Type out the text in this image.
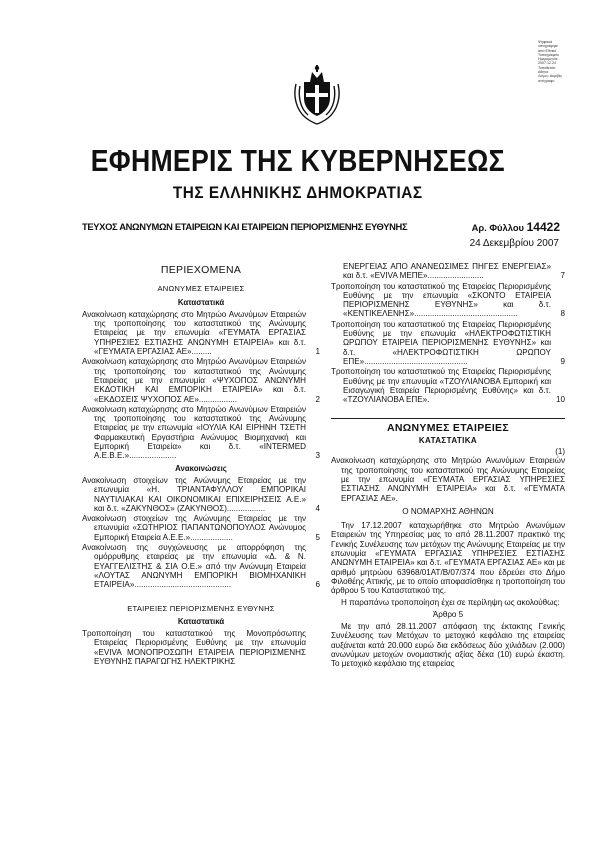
Ψηφιακά
υπογράφηκε
από Εθνικό
Τυπογραφείο
Ημερομηνία:
2007.12.24
Τοποθεσία:
Αθήνα
Λόγος: Ακριβές
αντίγραφο
ΕΦΗΜΕΡΙΣ ΤΗΣ ΚΥΒΕΡΝΗΣΕΩΣ
ΤΗΣ ΕΛΛΗΝΙΚΗΣ ΔΗΜΟΚΡΑΤΙΑΣ
ΤΕΥΧΟΣ ΑΝΩΝΥΜΩΝ ΕΤΑΙΡΕΙΩΝ ΚΑΙ ΕΤΑΙΡΕΙΩΝ ΠΕΡΙΟΡΙΣΜΕΝΗΣ ΕΥΘΥΝΗΣ	Αρ. Φύλλου 14422
24 Δεκεμβρίου 2007
ΠΕΡΙΕΧΟΜΕΝΑ
ΑΝΩΝΥΜΕΣ ΕΤΑΙΡΕΙΕΣ
Καταστατικά
Ανακοίνωση καταχώρησης στο Μητρώο Ανωνύμων Εταιρειών της τροποποίησης του καταστατικού της Ανώνυμης Εταιρείας με την επωνυμία «ΓΕΥΜΑΤΑ ΕΡΓΑΣΙΑΣ ΥΠΗΡΕΣΙΕΣ ΕΣΤΙΑΣΗΣ ΑΝΩΝΥΜΗ ΕΤΑΙΡΕΙΑ» και δ.τ. «ΓΕΥΜΑΤΑ ΕΡΓΑΣΙΑΣ ΑΕ».........	1
Ανακοίνωση καταχώρησης στο Μητρώο Ανωνύμων Εταιρειών της τροποποίησης του καταστατικού της Ανώνυμης Εταιρείας με την επωνυμία «ΨΥΧΟΠΟΣ ΑΝΩΝΥΜΗ ΕΚΔΟΤΙΚΗ ΚΑΙ ΕΜΠΟΡΙΚΗ ΕΤΑΙΡΕΙΑ» και δ.τ. «ΕΚΔΟΣΕΙΣ ΨΥΧΟΠΟΣ ΑΕ».................	2
Ανακοίνωση καταχώρησης στο Μητρώο Ανωνύμων Εταιρειών της τροποποίησης του καταστατικού της Ανώνυμης Εταιρείας με την επωνυμία «ΙΟΥΛΙΑ ΚΑΙ ΕΙΡΗΝΗ ΤΣΕΤΗ Φαρμακευτική Εργαστήρια Ανώνυμος Βιομηχανική και Εμπορική Εταιρεία» και δ.τ. «INTERMED Α.Ε.Β.Ε.».....................	3
Ανακοινώσεις
Ανακοίνωση στοιχείων της Ανώνυμης Εταιρείας με την επωνυμία «Η. ΤΡΙΑΝΤΑΦΥΛΛΟΥ ΕΜΠΟΡΙΚΑΙ ΝΑΥΤΙΛΙΑΚΑΙ ΚΑΙ ΟΙΚΟΝΟΜΙΚΑΙ ΕΠΙΧΕΙΡΗΣΕΙΣ Α.Ε.» και δ.τ. «ΖΑΚΥΝΘΟΣ» (ΖΑΚΥΝΘΟΣ).................	4
Ανακοίνωση στοιχείων της Ανώνυμης Εταιρείας με την επωνυμία «ΣΩΤΗΡΙΟΣ ΠΑΠΑΝΤΩΝΟΠΟΥΛΟΣ Ανώνυμος Εμπορική Εταιρεία Α.Ε.Ε.»...................	5
Ανακοίνωση της συγχώνευσης με απορρόφηση της ομόρρυθμης εταιρείας με την επωνυμία «Δ. & Ν. ΕΥΑΓΓΕΛΙΣΤΗΣ & ΣΙΑ Ο.Ε.» από την Ανώνυμη Εταιρεία «ΛΟΥΤΑΣ ΑΝΩΝΥΜΗ ΕΜΠΟΡΙΚΗ ΒΙΟΜΗΧΑΝΙΚΗ ΕΤΑΙΡΕΙΑ»...........................................	6
ΕΤΑΙΡΕΙΕΣ ΠΕΡΙΟΡΙΣΜΕΝΗΣ ΕΥΘΥΝΗΣ
Καταστατικά
Τροποποίηση του καταστατικού της Μονοπρόσωπης Εταιρείας Περιορισμένης Ευθύνης με την επωνυμία «EVIVA ΜΟΝΟΠΡΟΣΩΠΗ ΕΤΑΙΡΕΙΑ ΠΕΡΙΟΡΙΣΜΕΝΗΣ ΕΥΘΥΝΗΣ ΠΑΡΑΓΩΓΗΣ ΗΛΕΚΤΡΙΚΗΣ
ΕΝΕΡΓΕΙΑΣ ΑΠΟ ΑΝΑΝΕΩΣΙΜΕΣ ΠΗΓΕΣ ΕΝΕΡΓΕΙΑΣ» και δ.τ. «EVIVA ΜΕΠΕ».........................	7
Τροποποίηση του καταστατικού της Εταιρείας Περιορισμένης Ευθύνης με την επωνυμία «ΣΚΟΝΤΟ ΕΤΑΙΡΕΙΑ ΠΕΡΙΟΡΙΣΜΕΝΗΣ ΕΥΘΥΝΗΣ» και δ.τ. «ΚΕΝΤΙΚΕΛΕΝΗΣ»..............................................	8
Τροποποίηση του καταστατικού της Εταιρείας Περιορισμένης Ευθύνης με την επωνυμία «ΗΛΕΚΤΡΟΦΩΤΙΣΤΙΚΗ ΩΡΩΠΟΥ ΕΤΑΙΡΕΙΑ ΠΕΡΙΟΡΙΣΜΕΝΗΣ ΕΥΘΥΝΗΣ» και δ.τ. «ΗΛΕΚΤΡΟΦΩΤΙΣΤΙΚΗ ΩΡΩΠΟΥ ΕΠΕ»..............................................	9
Τροποποίηση του καταστατικού της Εταιρείας Περιορισμένης Ευθύνης με την επωνυμία «ΤΖΟΥΛΙΑΝΟΒΑ Εμπορική και Εισαγωγική Εταιρεία Περιορισμένης Ευθύνης» και δ.τ. «ΤΖΟΥΛΙΑΝΟΒΑ ΕΠΕ».	10
ΑΝΩΝΥΜΕΣ ΕΤΑΙΡΕΙΕΣ
ΚΑΤΑΣΤΑΤΙΚΑ
(1)
Ανακοίνωση καταχώρησης στο Μητρώο Ανωνύμων Εταιρειών της τροποποίησης του καταστατικού της Ανώνυμης Εταιρείας με την επωνυμία «ΓΕΥΜΑΤΑ ΕΡΓΑΣΙΑΣ ΥΠΗΡΕΣΙΕΣ ΕΣΤΙΑΣΗΣ ΑΝΩΝΥΜΗ ΕΤΑΙΡΕΙΑ» και δ.τ. «ΓΕΥΜΑΤΑ ΕΡΓΑΣΙΑΣ ΑΕ».
Ο ΝΟΜΑΡΧΗΣ ΑΘΗΝΩΝ
Την 17.12.2007 καταχωρήθηκε στο Μητρώο Ανωνύμων Εταιρειών της Υπηρεσίας μας το από 28.11.2007 πρακτικό της Γενικής Συνέλευσης των μετόχων της Ανώνυμης Εταιρείας με την επωνυμία «ΓΕΥΜΑΤΑ ΕΡΓΑΣΙΑΣ ΥΠΗΡΕΣΙΕΣ ΕΣΤΙΑΣΗΣ ΑΝΩΝΥΜΗ ΕΤΑΙΡΕΙΑ» και δ.τ. «ΓΕΥΜΑΤΑ ΕΡΓΑΣΙΑΣ ΑΕ» και με αριθμό μητρώου 63968/01ΑΤ/Β/07/374 που έδρεύει στο Δήμο Φιλοθέης Αττικής, με το οποίο αποφασίσθηκε η τροποποίηση του άρθρου 5 του Καταστατικού της.
Η παραπάνω τροποποίηση έχει σε περίληψη ως ακολούθως:
Άρθρο 5
Με την από 28.11.2007 απόφαση της έκτακτης Γενικής Συνέλευσης των Μετόχων το μετοχικό κεφάλαιο της εταιρείας αυξάνεται κατά 20.000 ευρώ δια εκδόσεως δύο χιλιάδων (2.000) ανωνύμων μετοχών ονομαστικής αξίας δέκα (10) ευρώ έκαστη. Το μετοχικό κεφάλαιο της εταιρείας
